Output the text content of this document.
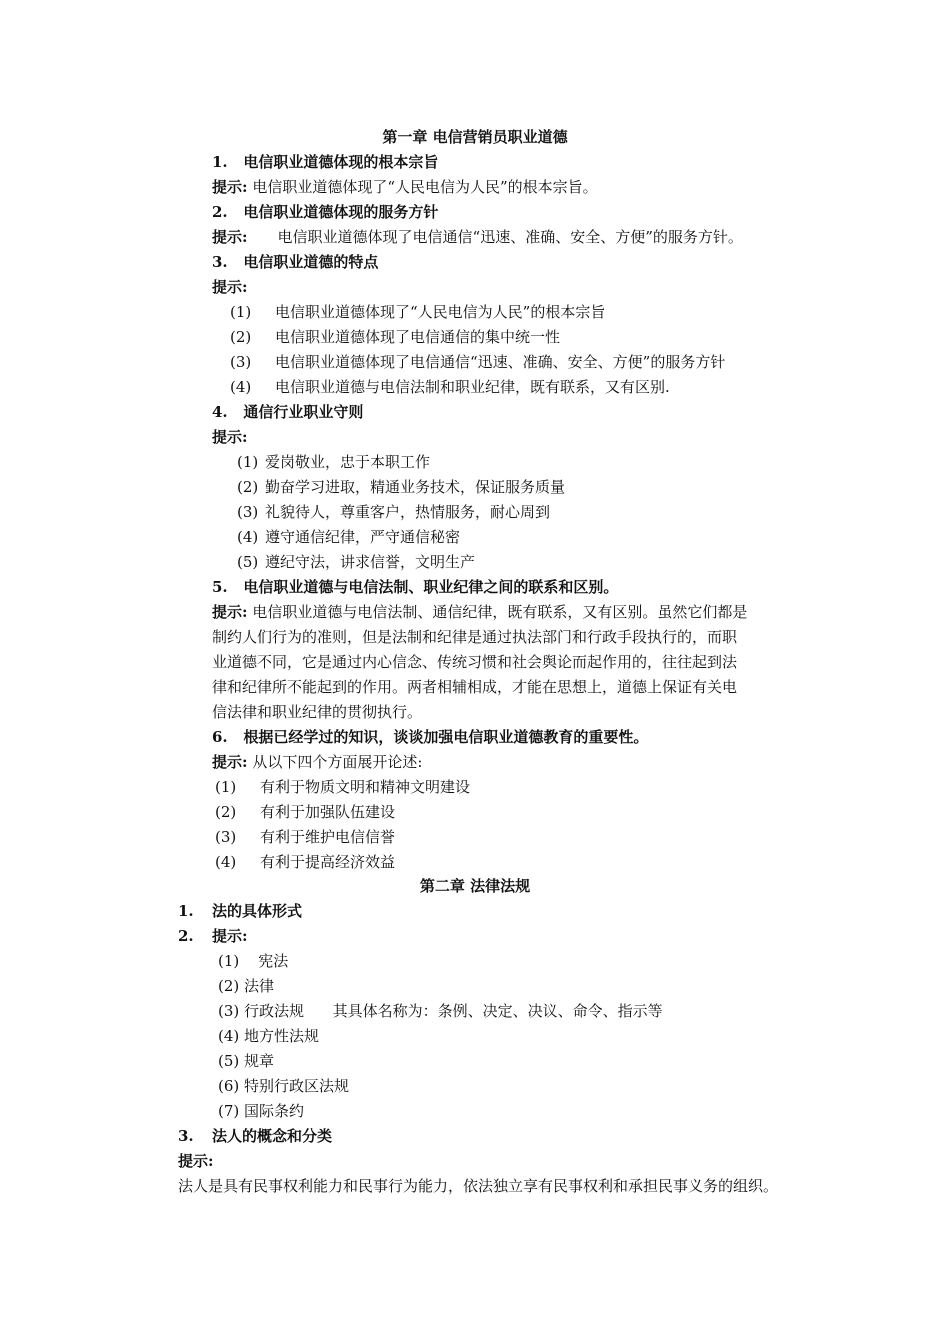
第一章 电信营销员职业道德
1. 电信职业道德体现的根本宗旨
提示: 电信职业道德体现了“人民电信为人民”的根本宗旨。
2. 电信职业道德体现的服务方针
提示: 电信职业道德体现了电信通信“迅速、准确、安全、方便”的服务方针。
3. 电信职业道德的特点
提示:
(1) 电信职业道德体现了“人民电信为人民”的根本宗旨
(2) 电信职业道德体现了电信通信的集中统一性
(3) 电信职业道德体现了电信通信“迅速、准确、安全、方便”的服务方针
(4) 电信职业道德与电信法制和职业纪律，既有联系，又有区别.
4. 通信行业职业守则
提示:
(1) 爱岗敬业，忠于本职工作
(2) 勤奋学习进取，精通业务技术，保证服务质量
(3) 礼貌待人，尊重客户，热情服务，耐心周到
(4) 遵守通信纪律，严守通信秘密
(5) 遵纪守法，讲求信誉，文明生产
5. 电信职业道德与电信法制、职业纪律之间的联系和区别。
提示: 电信职业道德与电信法制、通信纪律，既有联系，又有区别。虽然它们都是
制约人们行为的准则，但是法制和纪律是通过执法部门和行政手段执行的，而职
业道德不同，它是通过内心信念、传统习惯和社会舆论而起作用的，往往起到法
律和纪律所不能起到的作用。两者相辅相成，才能在思想上，道德上保证有关电
信法律和职业纪律的贯彻执行。
6. 根据已经学过的知识，谈谈加强电信职业道德教育的重要性。
提示: 从以下四个方面展开论述:
(1) 有利于物质文明和精神文明建设
(2) 有利于加强队伍建设
(3) 有利于维护电信信誉
(4) 有利于提高经济效益
第二章 法律法规
1. 法的具体形式
2. 提示:
(1)   宪法
(2) 法律
(3) 行政法规      其具体名称为：条例、决定、决议、命令、指示等
(4) 地方性法规
(5) 规章
(6) 特别行政区法规
(7) 国际条约
3. 法人的概念和分类
提示:
法人是具有民事权利能力和民事行为能力，依法独立享有民事权利和承担民事义务的组织。
